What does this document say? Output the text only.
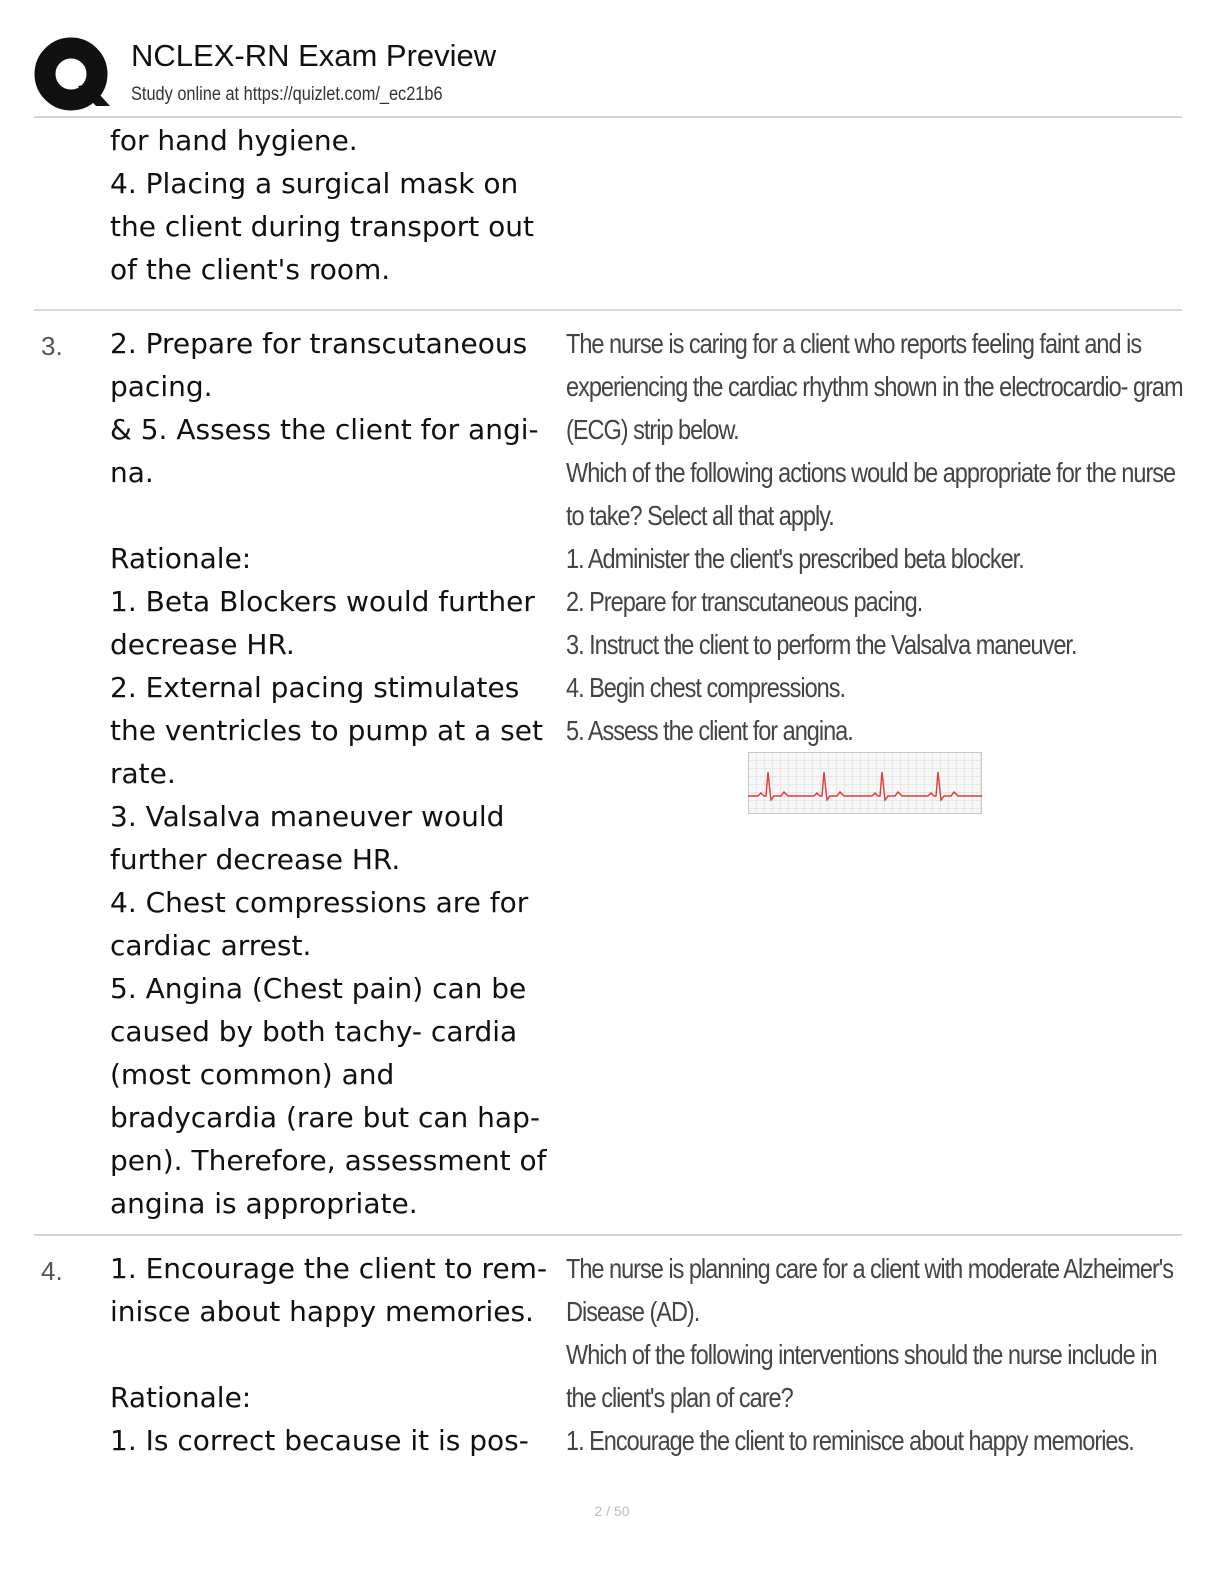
NCLEX-RN Exam Preview
Study online at https://quizlet.com/_ec21b6

for hand hygiene.
4. Placing a surgical mask on the client during transport out of the client's room.

3. 2. Prepare for transcutaneous pacing.
& 5. Assess the client for angi- na.

Rationale:
1. Beta Blockers would further decrease HR.
2. External pacing stimulates the ventricles to pump at a set rate.
3. Valsalva maneuver would further decrease HR.
4. Chest compressions are for cardiac arrest.
5. Angina (Chest pain) can be caused by both tachy- cardia (most common) and bradycardia (rare but can hap- pen). Therefore, assessment of angina is appropriate.

The nurse is caring for a client who reports feeling faint and is experiencing the cardiac rhythm shown in the electrocardio- gram (ECG) strip below.
Which of the following actions would be appropriate for the nurse to take? Select all that apply.
1. Administer the client's prescribed beta blocker.
2. Prepare for transcutaneous pacing.
3. Instruct the client to perform the Valsalva maneuver.
4. Begin chest compressions.
5. Assess the client for angina.

4. 1. Encourage the client to rem- inisce about happy memories.

Rationale:
1. Is correct because it is pos-

The nurse is planning care for a client with moderate Alzheimer's Disease (AD).
Which of the following interventions should the nurse include in the client's plan of care?
1. Encourage the client to reminisce about happy memories.

2 / 50
